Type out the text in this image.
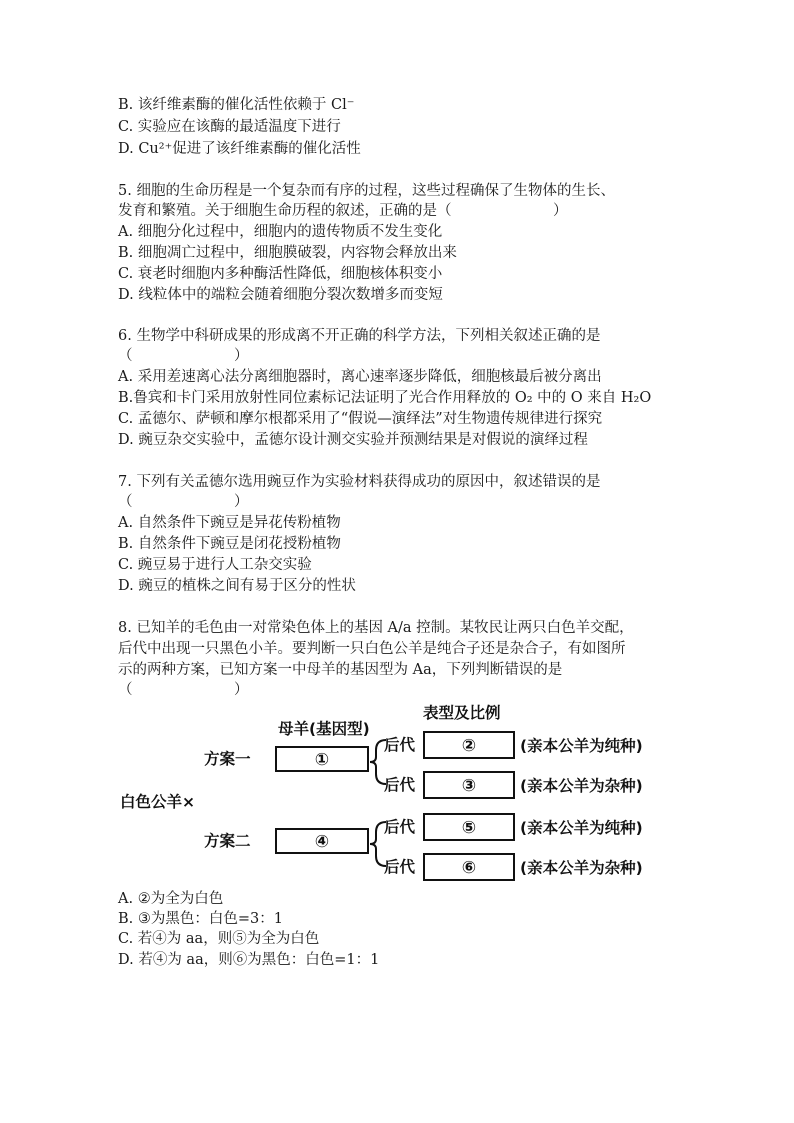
B. 该纤维素酶的催化活性依赖于 Cl⁻
C. 实验应在该酶的最适温度下进行
D. Cu²⁺促进了该纤维素酶的催化活性
5. 细胞的生命历程是一个复杂而有序的过程，这些过程确保了生物体的生长、
发育和繁殖。关于细胞生命历程的叙述，正确的是（　　　　　　　）
A. 细胞分化过程中，细胞内的遗传物质不发生变化
B. 细胞凋亡过程中，细胞膜破裂，内容物会释放出来
C. 衰老时细胞内多种酶活性降低，细胞核体积变小
D. 线粒体中的端粒会随着细胞分裂次数增多而变短
6. 生物学中科研成果的形成离不开正确的科学方法，下列相关叙述正确的是
（　　　　　　　）
A. 采用差速离心法分离细胞器时，离心速率逐步降低，细胞核最后被分离出
B.鲁宾和卡门采用放射性同位素标记法证明了光合作用释放的 O₂ 中的 O 来自 H₂O
C. 孟德尔、萨顿和摩尔根都采用了“假说—演绎法”对生物遗传规律进行探究
D. 豌豆杂交实验中，孟德尔设计测交实验并预测结果是对假说的演绎过程
7. 下列有关孟德尔选用豌豆作为实验材料获得成功的原因中，叙述错误的是
（　　　　　　　）
A. 自然条件下豌豆是异花传粉植物
B. 自然条件下豌豆是闭花授粉植物
C. 豌豆易于进行人工杂交实验
D. 豌豆的植株之间有易于区分的性状
8. 已知羊的毛色由一对常染色体上的基因 A/a 控制。某牧民让两只白色羊交配，
后代中出现一只黑色小羊。要判断一只白色公羊是纯合子还是杂合子，有如图所
示的两种方案，已知方案一中母羊的基因型为 Aa，下列判断错误的是
（　　　　　　　）
母羊(基因型)
表型及比例
方案一
方案二
白色公羊×
①
④
后代
后代
后代
后代
②
③
⑤
⑥
(亲本公羊为纯种)
(亲本公羊为杂种)
(亲本公羊为纯种)
(亲本公羊为杂种)
A. ②为全为白色
B. ③为黑色：白色=3：1
C. 若④为 aa，则⑤为全为白色
D. 若④为 aa，则⑥为黑色：白色=1：1
